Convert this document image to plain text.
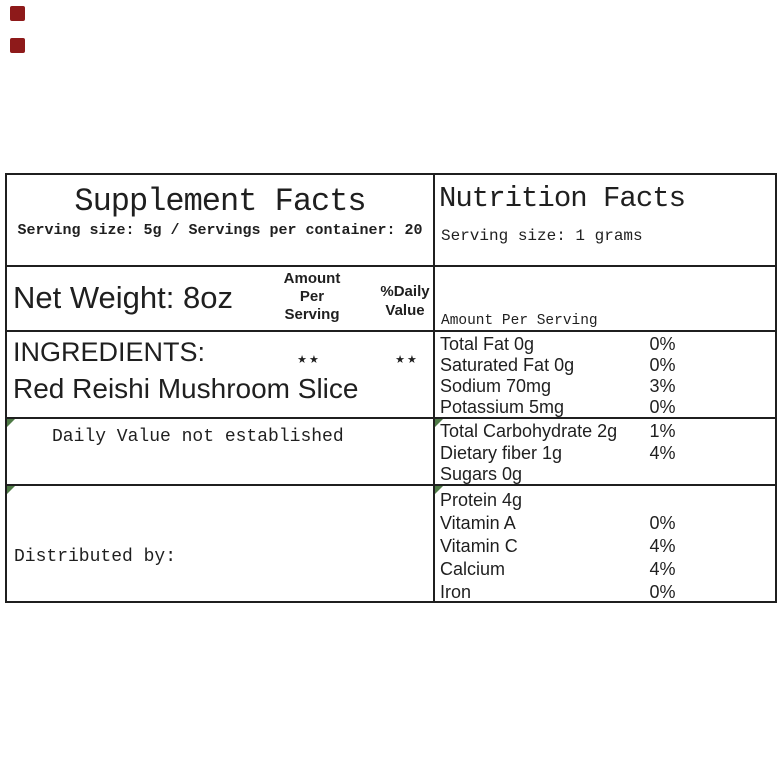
Supplement Facts
Serving size: 5g / Servings per container: 20
Nutrition Facts
Serving size: 1 grams
Net Weight: 8oz
Amount
Per
Serving
%Daily
Value

Amount Per Serving

INGREDIENTS:
Red Reishi Mushroom Slice
★★	★★
Total Fat 0g	0%
Saturated Fat 0g	0%
Sodium 70mg	3%
Potassium 5mg	0%
Daily Value not established	Total Carbohydrate 2g	1%
Dietary fiber 1g	4%
Sugars 0g

Distributed by:

Protein 4g
Vitamin A	0%
Vitamin C	4%
Calcium	4%
Iron	0%
